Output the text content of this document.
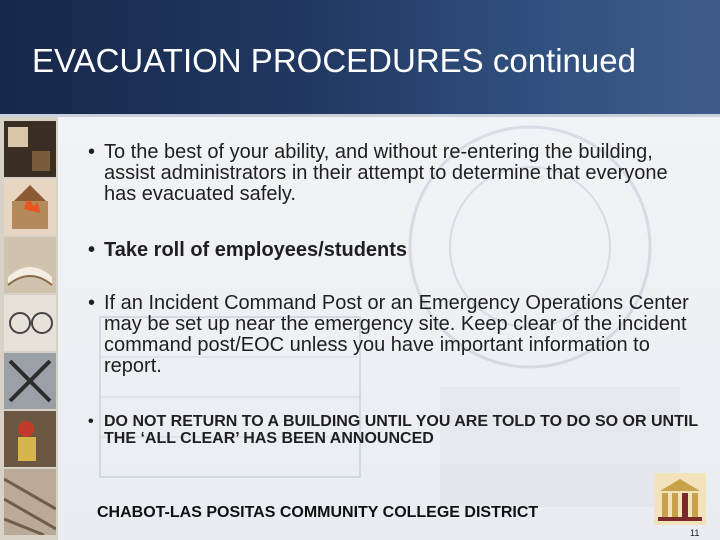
EVACUATION PROCEDURES continued
• To the best of your ability, and without re-entering the building, assist administrators in their attempt to determine that everyone has evacuated safely.
• Take roll of employees/students
• If an Incident Command Post or an Emergency Operations Center may be set up near the emergency site. Keep clear of the incident command post/EOC unless you have important information to report.
• DO NOT RETURN TO A BUILDING UNTIL YOU ARE TOLD TO DO SO OR UNTIL THE ‘ALL CLEAR’ HAS BEEN ANNOUNCED
CHABOT-LAS POSITAS COMMUNITY COLLEGE DISTRICT
11
